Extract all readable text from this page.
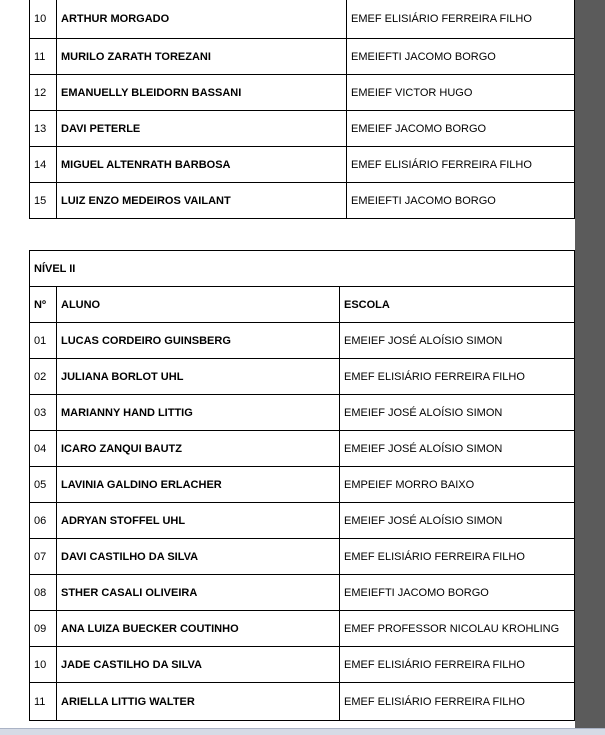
10	ARTHUR MORGADO	EMEF ELISIÁRIO FERREIRA FILHO
11	MURILO ZARATH TOREZANI	EMEIEFTI JACOMO BORGO
12	EMANUELLY BLEIDORN BASSANI	EMEIEF VICTOR HUGO
13	DAVI PETERLE	EMEIEF JACOMO BORGO
14	MIGUEL ALTENRATH BARBOSA	EMEF ELISIÁRIO FERREIRA FILHO
15	LUIZ ENZO MEDEIROS VAILANT	EMEIEFTI JACOMO BORGO
NÍVEL II		
Nº	ALUNO	ESCOLA
01	LUCAS CORDEIRO GUINSBERG	EMEIEF JOSÉ ALOÍSIO SIMON
02	JULIANA BORLOT UHL	EMEF ELISIÁRIO FERREIRA FILHO
03	MARIANNY HAND LITTIG	EMEIEF JOSÉ ALOÍSIO SIMON
04	ICARO ZANQUI BAUTZ	EMEIEF JOSÉ ALOÍSIO SIMON
05	LAVINIA GALDINO ERLACHER	EMPEIEF MORRO BAIXO
06	ADRYAN STOFFEL UHL	EMEIEF JOSÉ ALOÍSIO SIMON
07	DAVI CASTILHO DA SILVA	EMEF ELISIÁRIO FERREIRA FILHO
08	STHER CASALI OLIVEIRA	EMEIEFTI JACOMO BORGO
09	ANA LUIZA BUECKER COUTINHO	EMEF PROFESSOR NICOLAU KROHLING
10	JADE CASTILHO DA SILVA	EMEF ELISIÁRIO FERREIRA FILHO
11	ARIELLA LITTIG WALTER	EMEF ELISIÁRIO FERREIRA FILHO
